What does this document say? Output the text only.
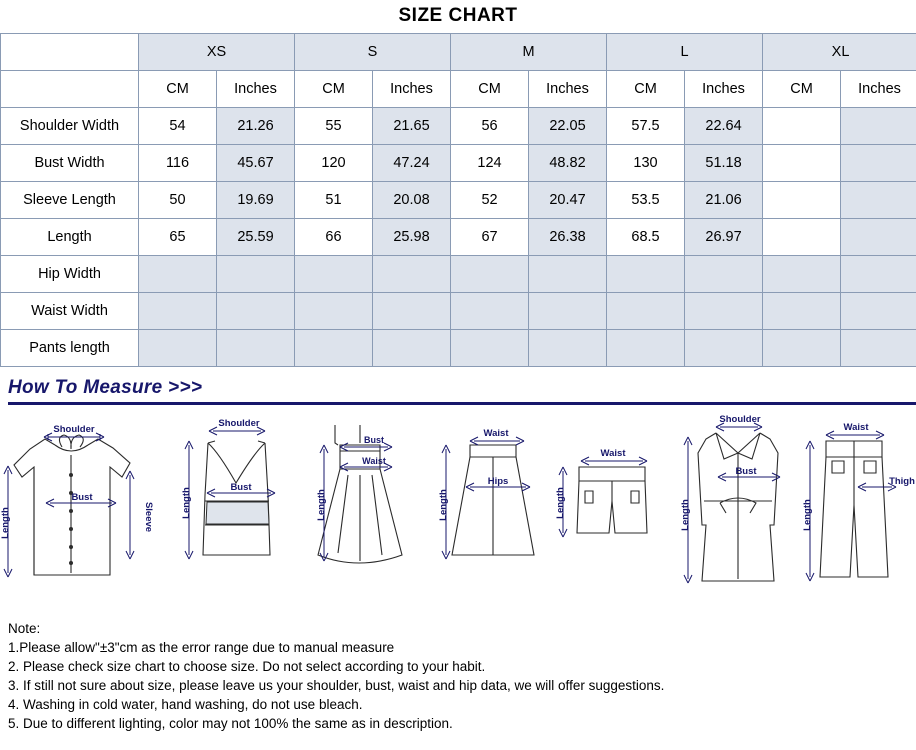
SIZE CHART
	XS		S		M		L		XL	
	CM	Inches	CM	Inches	CM	Inches	CM	Inches	CM	Inches
Shoulder Width	54	21.26	55	21.65	56	22.05	57.5	22.64		
Bust Width	116	45.67	120	47.24	124	48.82	130	51.18		
Sleeve Length	50	19.69	51	20.08	52	20.47	53.5	21.06		
Length	65	25.59	66	25.98	67	26.38	68.5	26.97		
Hip Width										
Waist Width										
Pants length										
How To Measure >>>
Shoulder
Bust
Sleeve
Length
Shoulder
Bust
Length
Bust
Waist
Length
Waist
Hips
Length
Waist
Length
Shoulder
Bust
Length
Waist
Thigh
Length
Note:
1.Please allow"±3"cm as the error range due to manual measure
2. Please check size chart to choose size. Do not select according to your habit.
3. If still not sure about size, please leave us your shoulder, bust, waist and hip data, we will offer suggestions.
4. Washing in cold water, hand washing, do not use bleach.
5. Due to different lighting, color may not 100% the same as in description.
